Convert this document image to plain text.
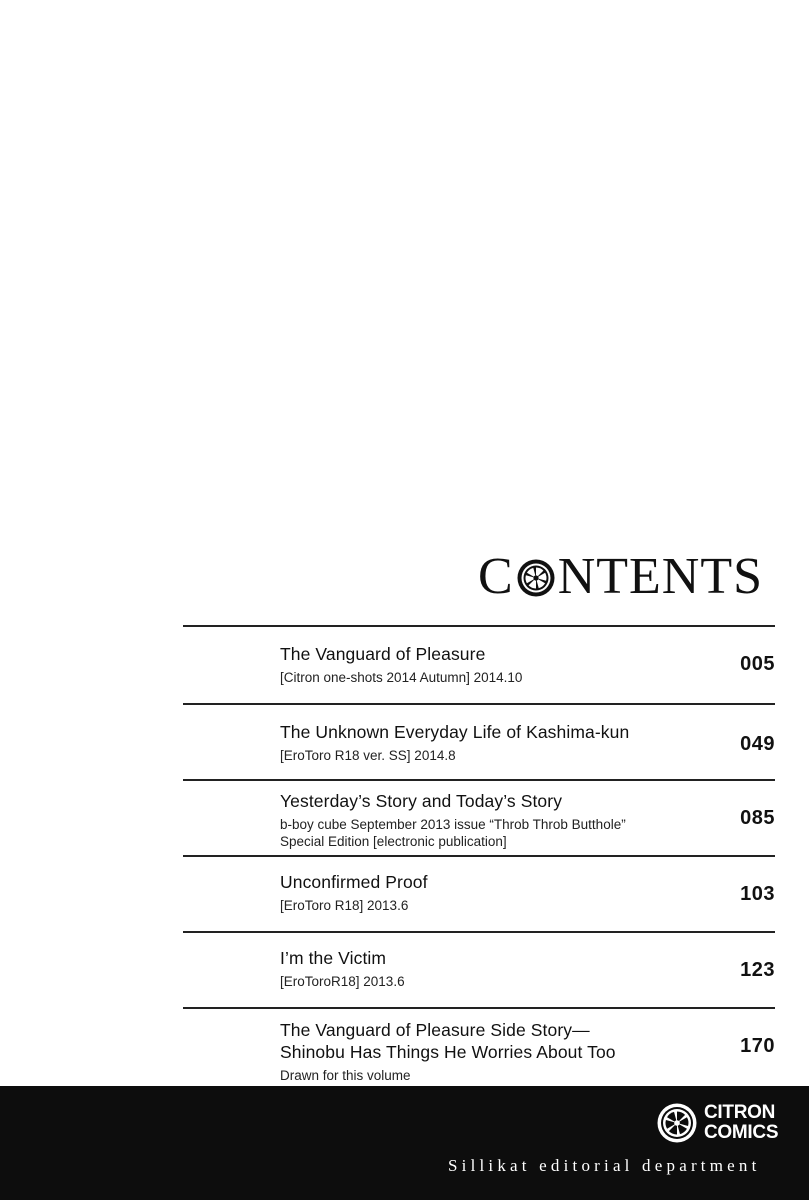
C NTENTS
The Vanguard of Pleasure
[Citron one-shots 2014 Autumn] 2014.10
005
The Unknown Everyday Life of Kashima-kun
[EroToro R18 ver. SS] 2014.8
049
Yesterday’s Story and Today’s Story
b-boy cube September 2013 issue “Throb Throb Butthole”
Special Edition [electronic publication]
085
Unconfirmed Proof
[EroToro R18] 2013.6
103
I’m the Victim
[EroToroR18] 2013.6
123
The Vanguard of Pleasure Side Story—
Shinobu Has Things He Worries About Too
Drawn for this volume
170
CITRON
COMICS
Sillikat editorial department
